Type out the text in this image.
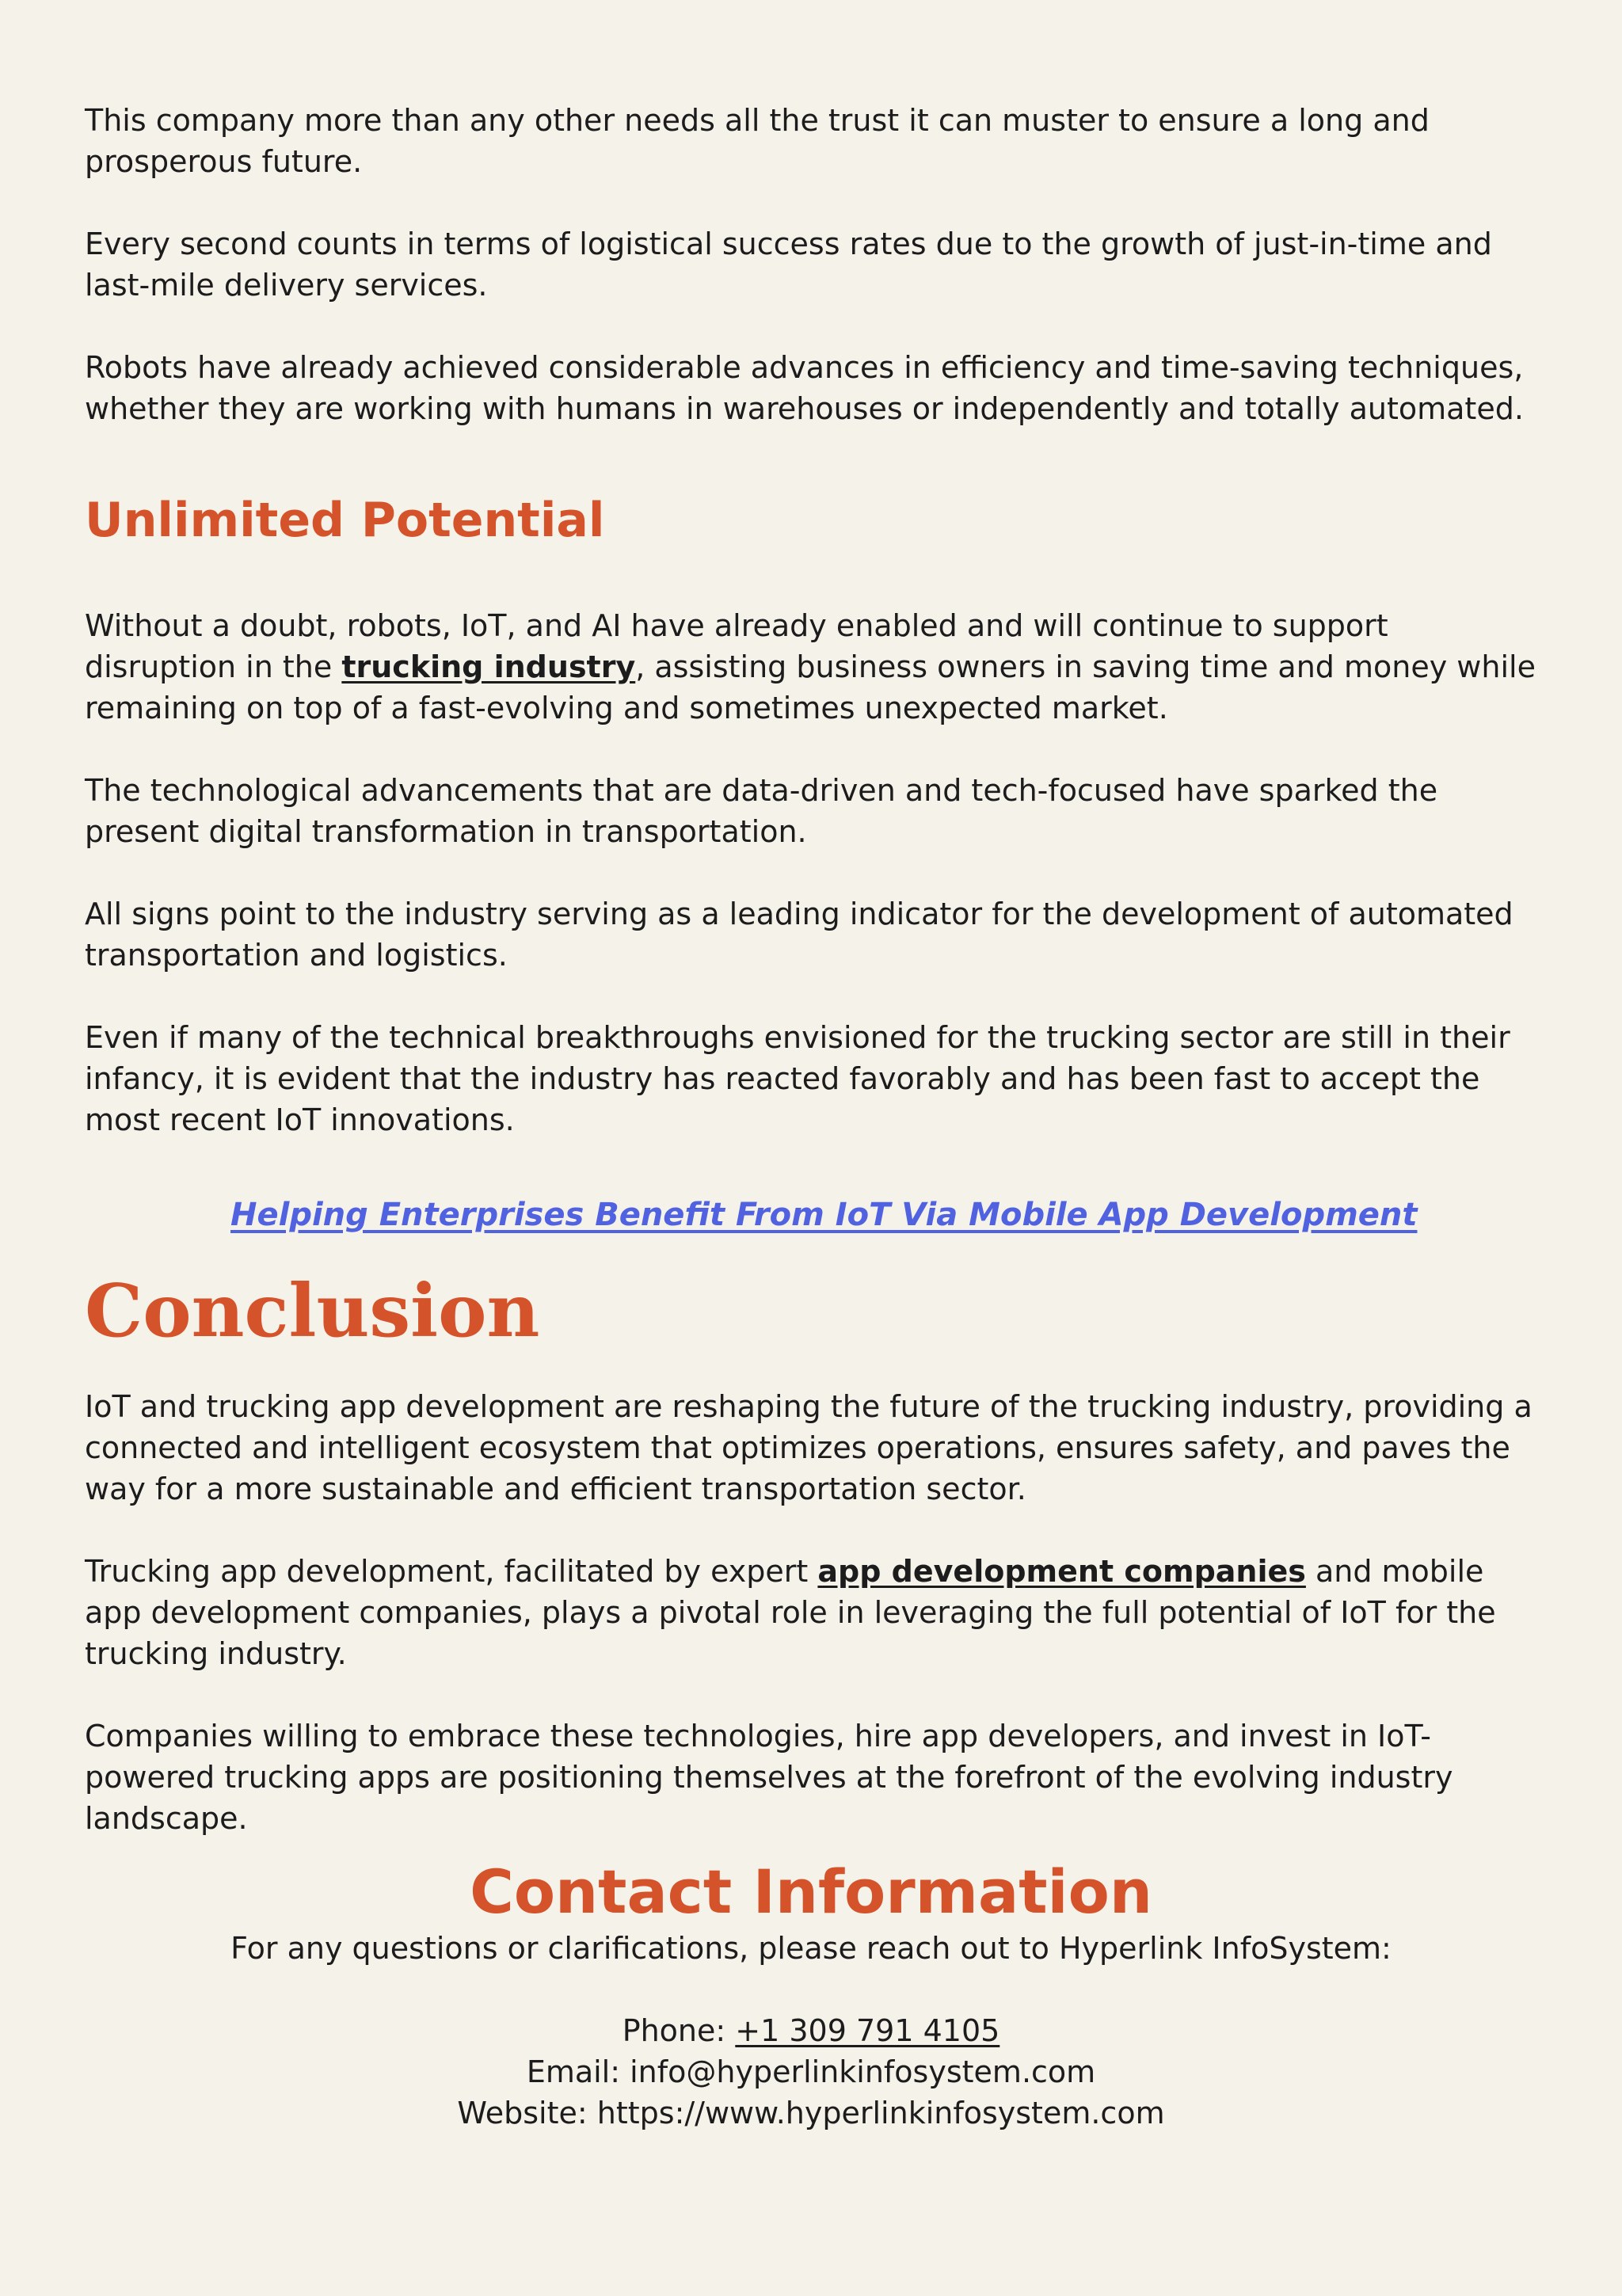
This company more than any other needs all the trust it can muster to ensure a long and prosperous future.

Every second counts in terms of logistical success rates due to the growth of just-in-time and last-mile delivery services.

Robots have already achieved considerable advances in efficiency and time-saving techniques, whether they are working with humans in warehouses or independently and totally automated.

Unlimited Potential

Without a doubt, robots, IoT, and AI have already enabled and will continue to support disruption in the trucking industry, assisting business owners in saving time and money while remaining on top of a fast-evolving and sometimes unexpected market.

The technological advancements that are data-driven and tech-focused have sparked the present digital transformation in transportation.

All signs point to the industry serving as a leading indicator for the development of automated transportation and logistics.

Even if many of the technical breakthroughs envisioned for the trucking sector are still in their infancy, it is evident that the industry has reacted favorably and has been fast to accept the most recent IoT innovations.

Helping Enterprises Benefit From IoT Via Mobile App Development

Conclusion

IoT and trucking app development are reshaping the future of the trucking industry, providing a connected and intelligent ecosystem that optimizes operations, ensures safety, and paves the way for a more sustainable and efficient transportation sector.

Trucking app development, facilitated by expert app development companies and mobile app development companies, plays a pivotal role in leveraging the full potential of IoT for the trucking industry.

Companies willing to embrace these technologies, hire app developers, and invest in IoT-powered trucking apps are positioning themselves at the forefront of the evolving industry landscape.

Contact Information

For any questions or clarifications, please reach out to Hyperlink InfoSystem:

Phone: +1 309 791 4105

Email: info@hyperlinkinfosystem.com

Website: https://www.hyperlinkinfosystem.com
